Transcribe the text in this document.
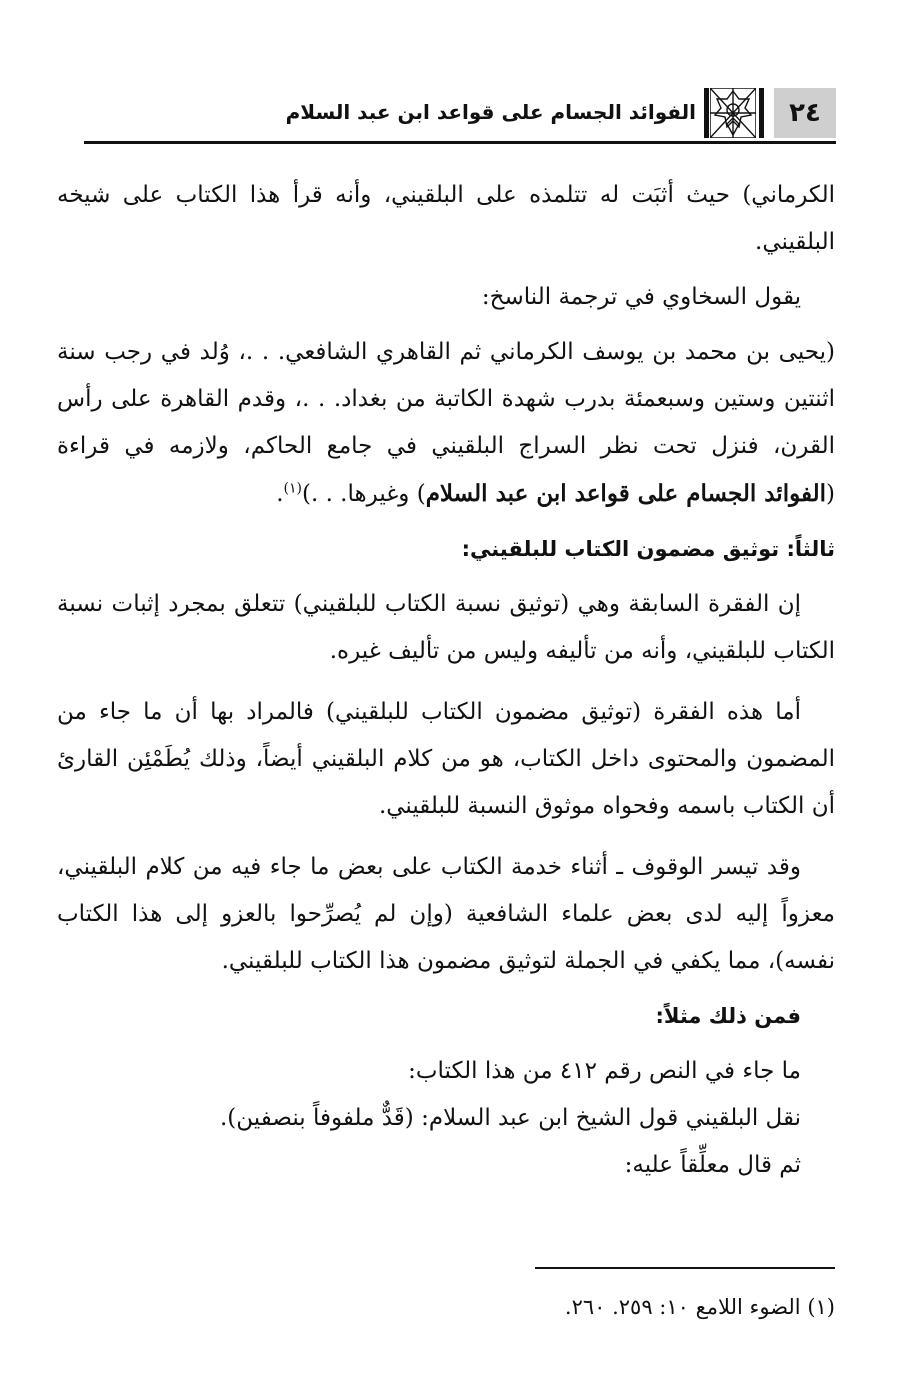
٢٤
الفوائد الجسام على قواعد ابن عبد السلام

الكرماني) حيث أثبَت له تتلمذه على البلقيني، وأنه قرأ هذا الكتاب على شيخه البلقيني.

يقول السخاوي في ترجمة الناسخ:

(يحيى بن محمد بن يوسف الكرماني ثم القاهري الشافعي. . .، وُلد في رجب سنة اثنتين وستين وسبعمئة بدرب شهدة الكاتبة من بغداد. . .، وقدم القاهرة على رأس القرن، فنزل تحت نظر السراج البلقيني في جامع الحاكم، ولازمه في قراءة (الفوائد الجسام على قواعد ابن عبد السلام) وغيرها. . .)$^{(١)}$.

ثالثاً: توثيق مضمون الكتاب للبلقيني:

إن الفقرة السابقة وهي (توثيق نسبة الكتاب للبلقيني) تتعلق بمجرد إثبات نسبة الكتاب للبلقيني، وأنه من تأليفه وليس من تأليف غيره.

أما هذه الفقرة (توثيق مضمون الكتاب للبلقيني) فالمراد بها أن ما جاء من المضمون والمحتوى داخل الكتاب، هو من كلام البلقيني أيضاً، وذلك يُطَمْئِن القارئ أن الكتاب باسمه وفحواه موثوق النسبة للبلقيني.

وقد تيسر الوقوف ـ أثناء خدمة الكتاب على بعض ما جاء فيه من كلام البلقيني، معزواً إليه لدى بعض علماء الشافعية (وإن لم يُصرِّحوا بالعزو إلى هذا الكتاب نفسه)، مما يكفي في الجملة لتوثيق مضمون هذا الكتاب للبلقيني.

فمن ذلك مثلاً:

ما جاء في النص رقم ٤١٢ من هذا الكتاب:

نقل البلقيني قول الشيخ ابن عبد السلام: (قَدٌّ ملفوفاً بنصفين).

ثم قال معلِّقاً عليه:

(١) الضوء اللامع ١٠: ٢٥٩. ٢٦٠.
